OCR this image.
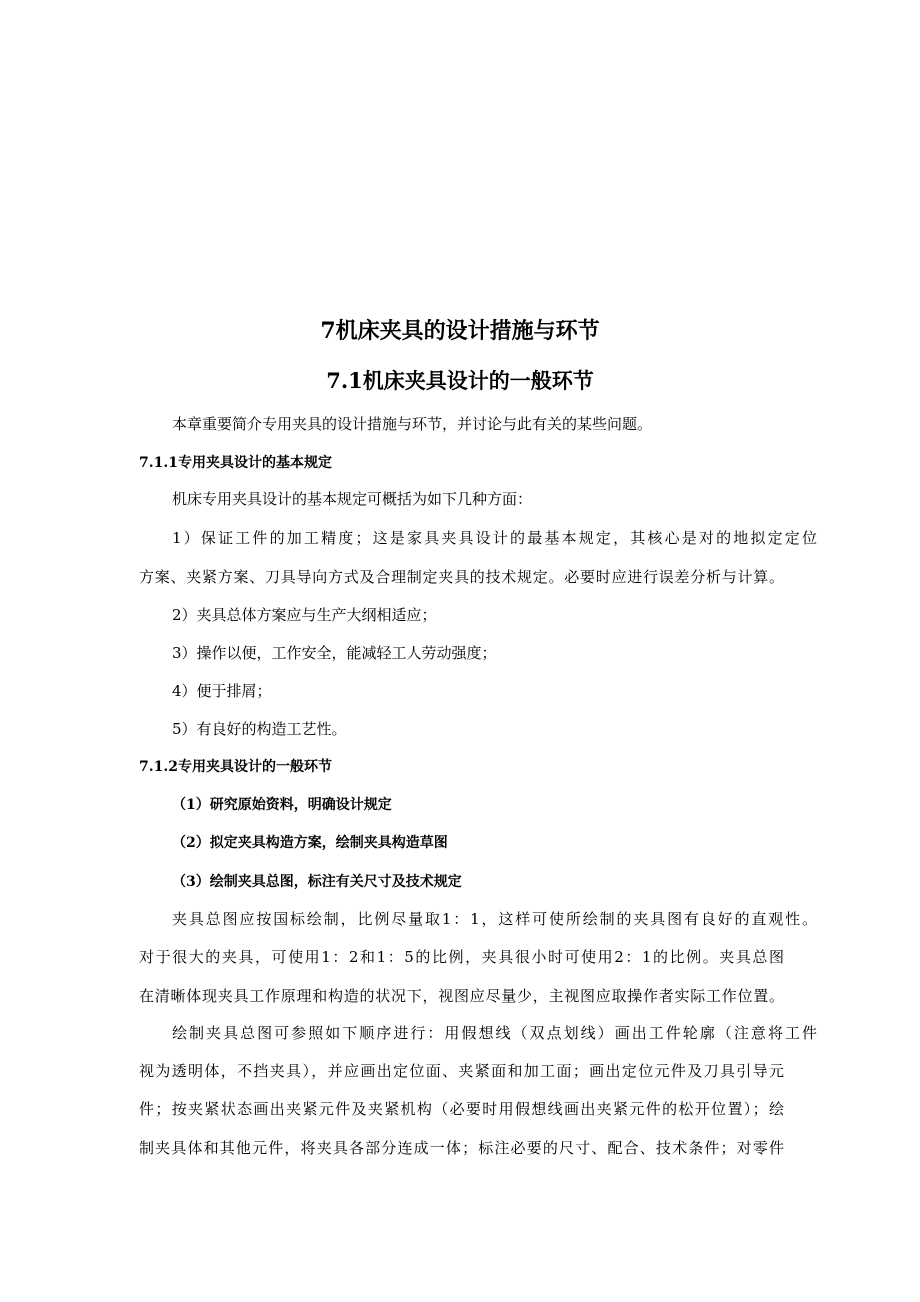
7机床夹具的设计措施与环节
7.1机床夹具设计的一般环节
本章重要简介专用夹具的设计措施与环节，并讨论与此有关的某些问题。
7.1.1专用夹具设计的基本规定
机床专用夹具设计的基本规定可概括为如下几种方面：
1）保证工件的加工精度；这是家具夹具设计的最基本规定，其核心是对的地拟定定位
方案、夹紧方案、刀具导向方式及合理制定夹具的技术规定。必要时应进行误差分析与计算。
2）夹具总体方案应与生产大纲相适应；
3）操作以便，工作安全，能减轻工人劳动强度；
4）便于排屑；
5）有良好的构造工艺性。
7.1.2专用夹具设计的一般环节
（1）研究原始资料，明确设计规定
（2）拟定夹具构造方案，绘制夹具构造草图
（3）绘制夹具总图，标注有关尺寸及技术规定
夹具总图应按国标绘制，比例尽量取1：1，这样可使所绘制的夹具图有良好的直观性。
对于很大的夹具，可使用1：2和1：5的比例，夹具很小时可使用2：1的比例。夹具总图
在清晰体现夹具工作原理和构造的状况下，视图应尽量少，主视图应取操作者实际工作位置。
绘制夹具总图可参照如下顺序进行：用假想线（双点划线）画出工件轮廓（注意将工件
视为透明体，不挡夹具），并应画出定位面、夹紧面和加工面；画出定位元件及刀具引导元
件；按夹紧状态画出夹紧元件及夹紧机构（必要时用假想线画出夹紧元件的松开位置）；绘
制夹具体和其他元件，将夹具各部分连成一体；标注必要的尺寸、配合、技术条件；对零件
